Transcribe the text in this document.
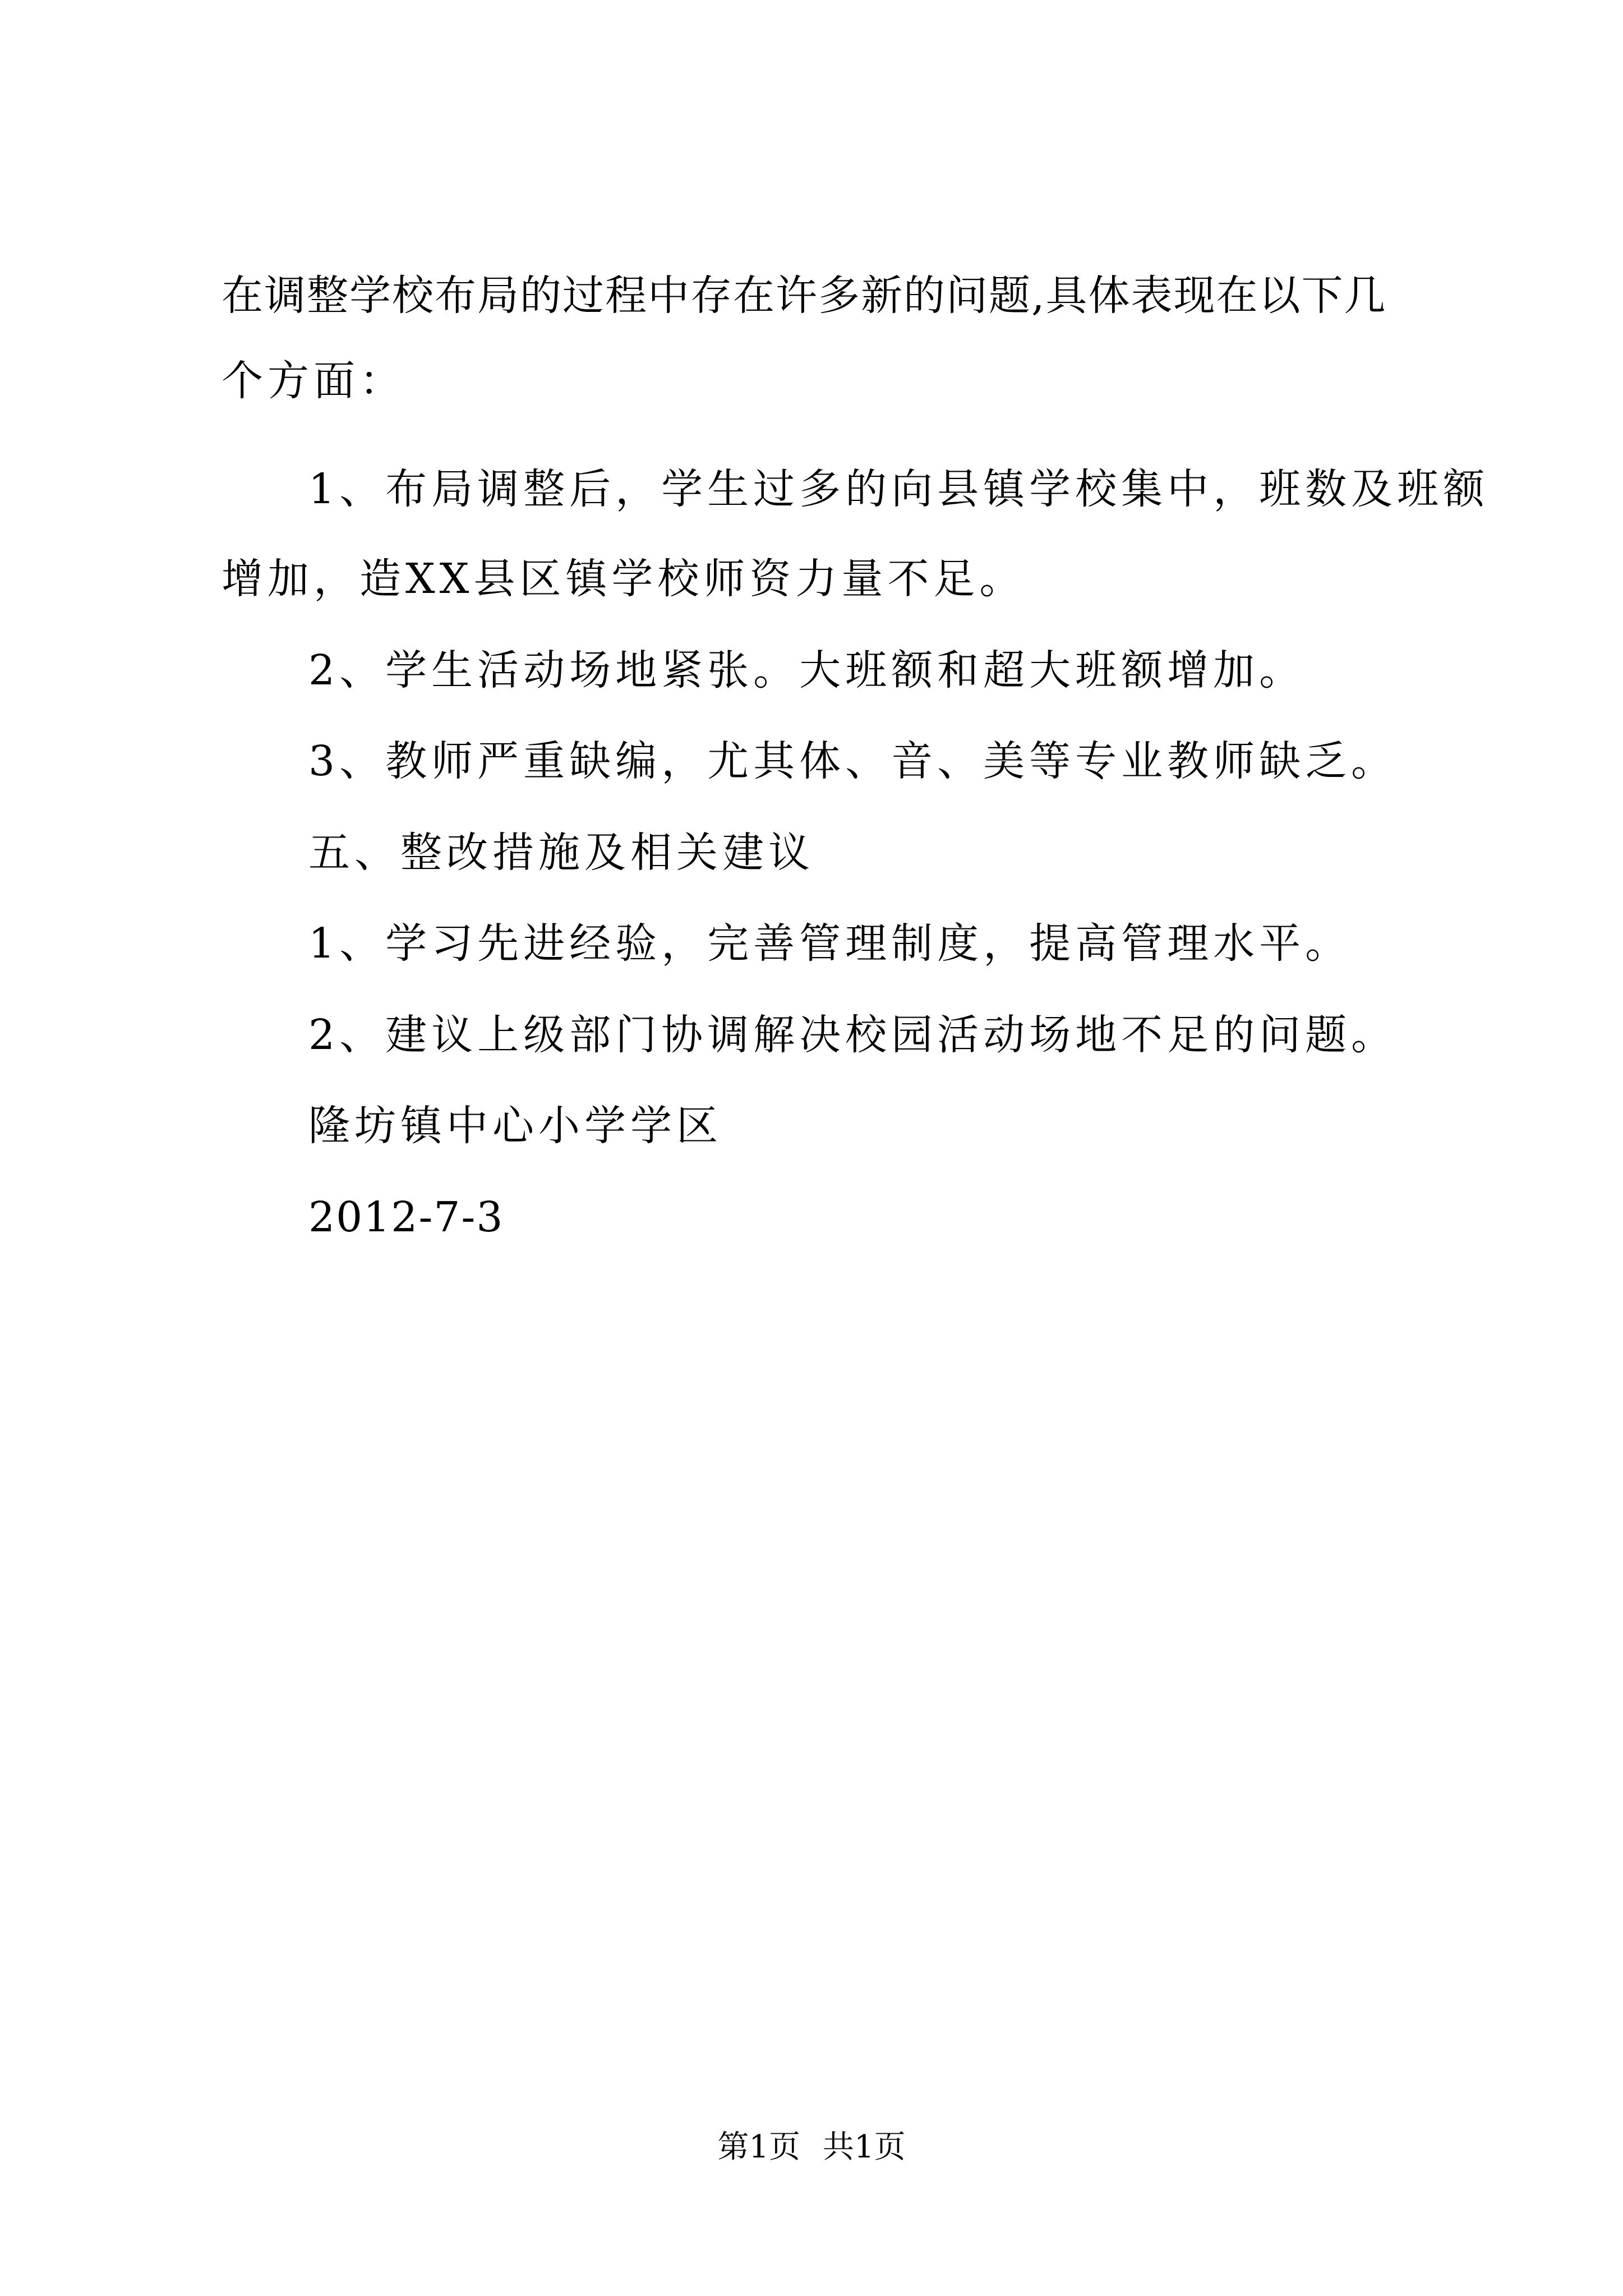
在调整学校布局的过程中存在许多新的问题,具体表现在以下几
个方面：
1、布局调整后，学生过多的向县镇学校集中，班数及班额
增加，造XX县区镇学校师资力量不足。
2、学生活动场地紧张。大班额和超大班额增加。
3、教师严重缺编，尤其体、音、美等专业教师缺乏。
五、整改措施及相关建议
1、学习先进经验，完善管理制度，提高管理水平。
2、建议上级部门协调解决校园活动场地不足的问题。
隆坊镇中心小学学区
2012-7-3
第1页 共1页
